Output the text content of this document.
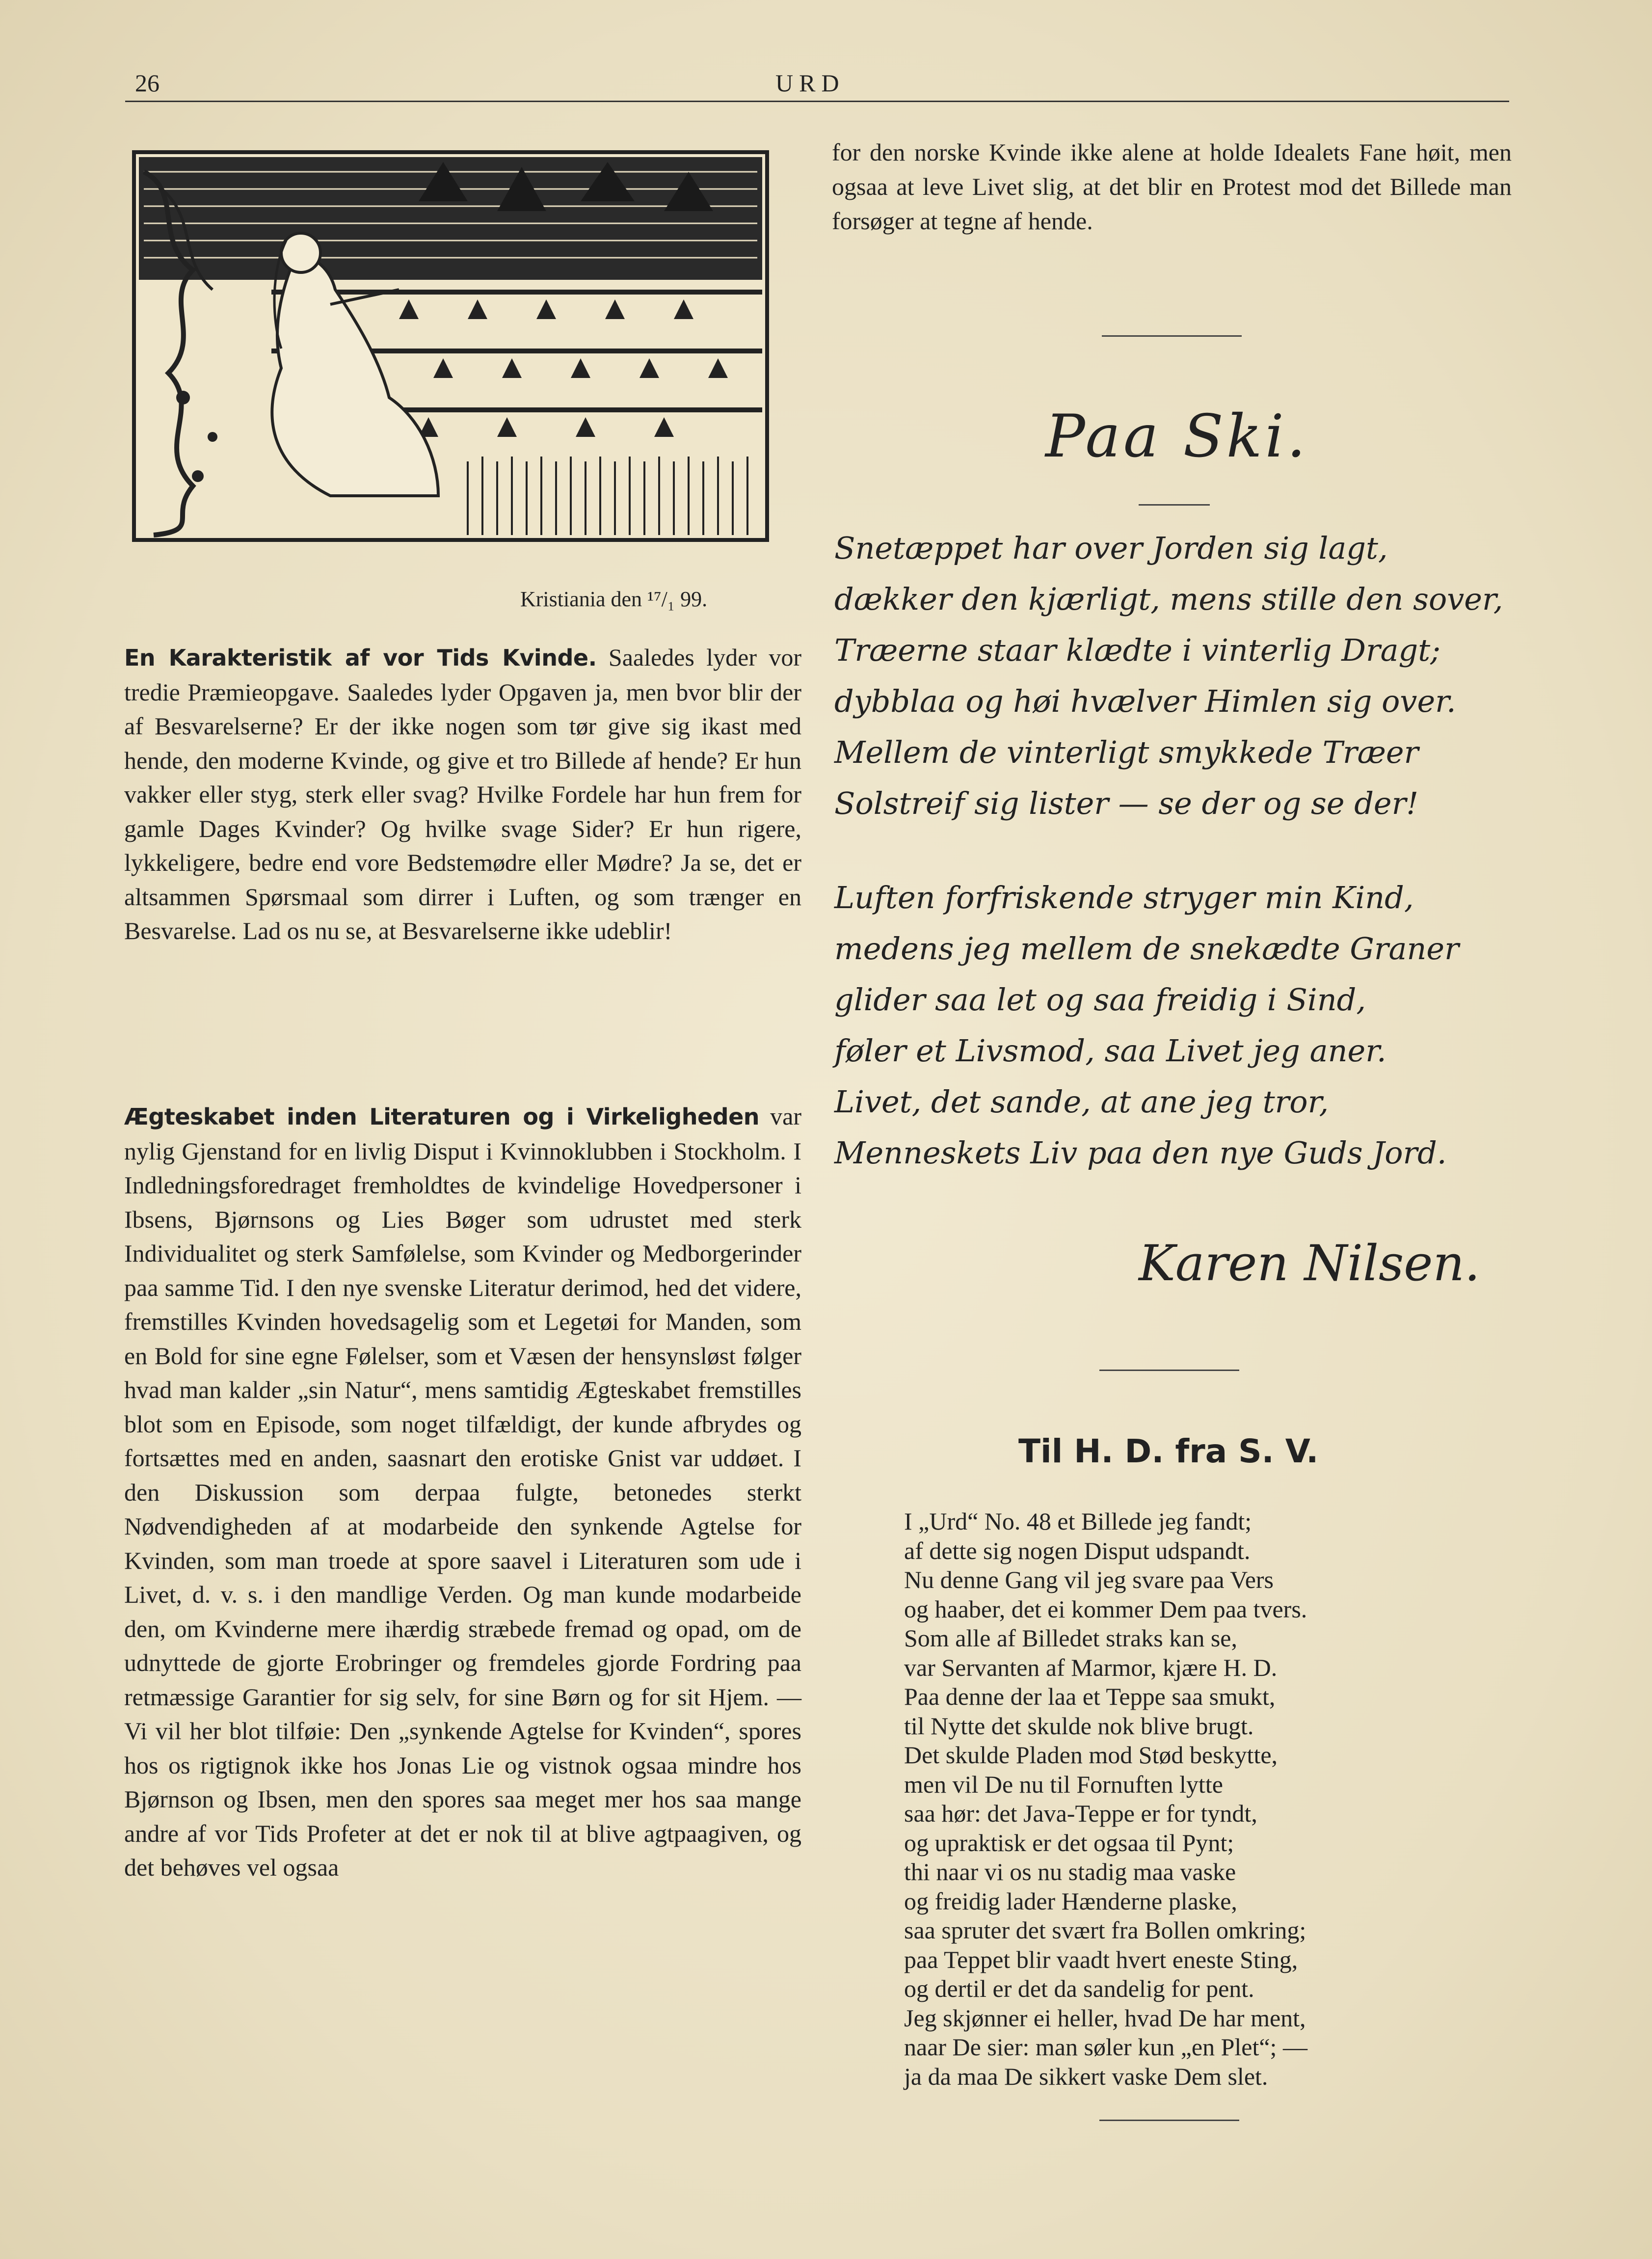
26	URD
Kristiania den ¹⁷/₁ 99.

En Karakteristik af vor Tids Kvinde. Saaledes lyder vor tredie Præmieopgave. Saaledes lyder Opgaven ja, men bvor blir der af Besvarelserne? Er der ikke nogen som tør give sig ikast med hende, den moderne Kvinde, og give et tro Billede af hende? Er hun vakker eller styg, sterk eller svag? Hvilke Fordele har hun frem for gamle Dages Kvinder? Og hvilke svage Sider? Er hun rigere, lykkeligere, bedre end vore Bedstemødre eller Mødre? Ja se, det er altsammen Spørsmaal som dirrer i Luften, og som trænger en Besvarelse. Lad os nu se, at Besvarelserne ikke udeblir!

Ægteskabet inden Literaturen og i Virkeligheden var nylig Gjenstand for en livlig Disput i Kvinnoklubben i Stockholm. I Indledningsforedraget fremholdtes de kvindelige Hovedpersoner i Ibsens, Bjørnsons og Lies Bøger som udrustet med sterk Individualitet og sterk Samfølelse, som Kvinder og Medborgerinder paa samme Tid. I den nye svenske Literatur derimod, hed det videre, fremstilles Kvinden hovedsagelig som et Legetøi for Manden, som en Bold for sine egne Følelser, som et Væsen der hensynsløst følger hvad man kalder „sin Natur“, mens samtidig Ægteskabet fremstilles blot som en Episode, som noget tilfældigt, der kunde afbrydes og fortsættes med en anden, saasnart den erotiske Gnist var uddøet. I den Diskussion som derpaa fulgte, betonedes sterkt Nødvendigheden af at modarbeide den synkende Agtelse for Kvinden, som man troede at spore saavel i Literaturen som ude i Livet, d. v. s. i den mandlige Verden. Og man kunde modarbeide den, om Kvinderne mere ihærdig stræbede fremad og opad, om de udnyttede de gjorte Erobringer og fremdeles gjorde Fordring paa retmæssige Garantier for sig selv, for sine Børn og for sit Hjem. — Vi vil her blot tilføie: Den „synkende Agtelse for Kvinden“, spores hos os rigtignok ikke hos Jonas Lie og vistnok ogsaa mindre hos Bjørnson og Ibsen, men den spores saa meget mer hos saa mange andre af vor Tids Profeter at det er nok til at blive agtpaagiven, og det behøves vel ogsaa

for den norske Kvinde ikke alene at holde Idealets Fane høit, men ogsaa at leve Livet slig, at det blir en Protest mod det Billede man forsøger at tegne af hende.

Paa Ski.
Snetæppet har over Jorden sig lagt,
dækker den kjærligt, mens stille den sover,
Træerne staar klædte i vinterlig Dragt;
dybblaa og høi hvælver Himlen sig over.
Mellem de vinterligt smykkede Træer
Solstreif sig lister — se der og se der!
Luften forfriskende stryger min Kind,
medens jeg mellem de snekædte Graner
glider saa let og saa freidig i Sind,
føler et Livsmod, saa Livet jeg aner.
Livet, det sande, at ane jeg tror,
Menneskets Liv paa den nye Guds Jord.
Karen Nilsen.
Til H. D. fra S. V.
I „Urd“ No. 48 et Billede jeg fandt;
af dette sig nogen Disput udspandt.
Nu denne Gang vil jeg svare paa Vers
og haaber, det ei kommer Dem paa tvers.
Som alle af Billedet straks kan se,
var Servanten af Marmor, kjære H. D.
Paa denne der laa et Teppe saa smukt,
til Nytte det skulde nok blive brugt.
Det skulde Pladen mod Stød beskytte,
men vil De nu til Fornuften lytte
saa hør: det Java-Teppe er for tyndt,
og upraktisk er det ogsaa til Pynt;
thi naar vi os nu stadig maa vaske
og freidig lader Hænderne plaske,
saa spruter det svært fra Bollen omkring;
paa Teppet blir vaadt hvert eneste Sting,
og dertil er det da sandelig for pent.
Jeg skjønner ei heller, hvad De har ment,
naar De sier: man søler kun „en Plet“; —
ja da maa De sikkert vaske Dem slet.
